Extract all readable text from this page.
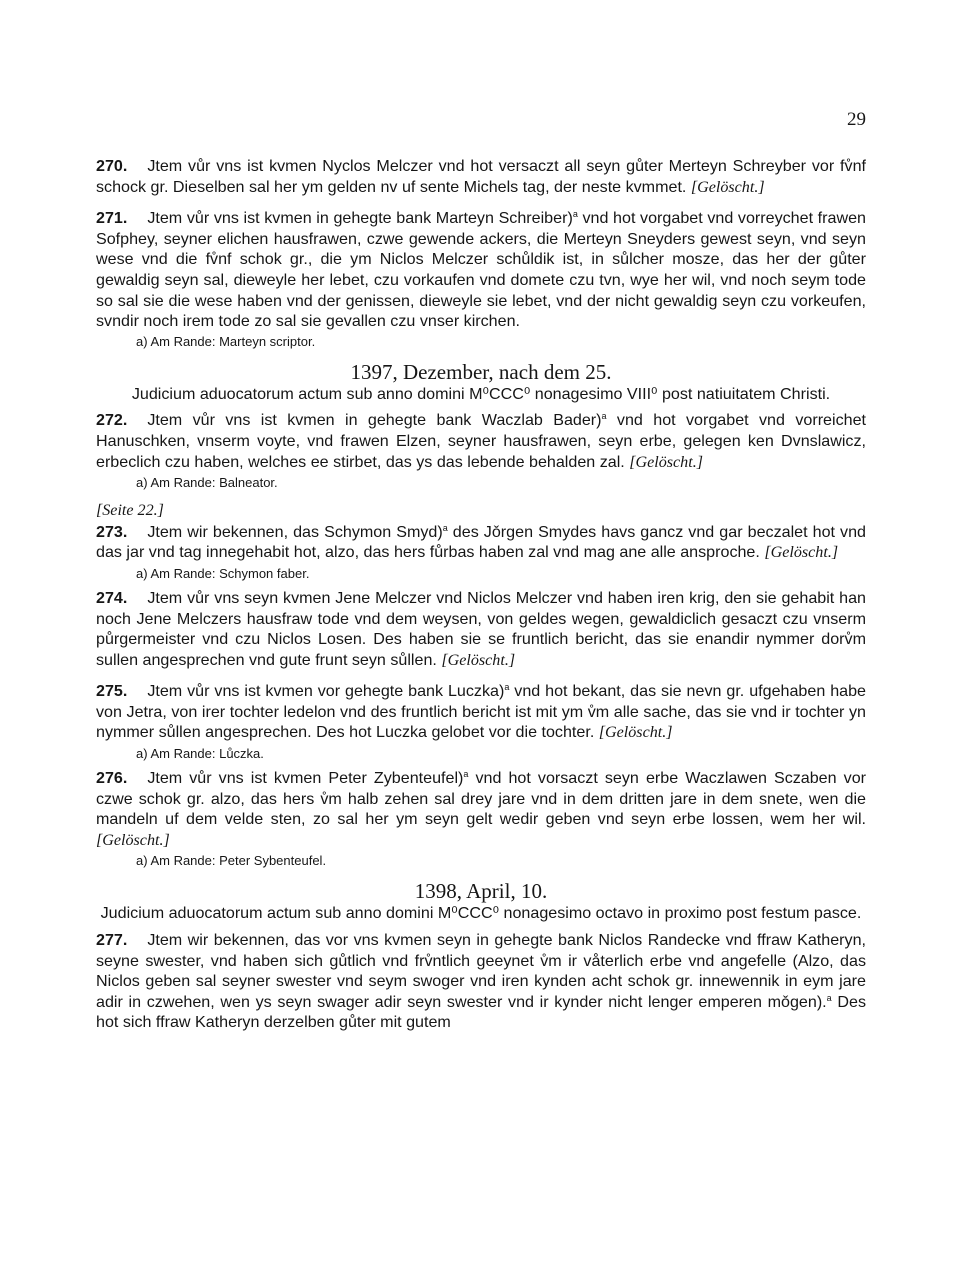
29

270. Jtem vůr vns ist kvmen Nyclos Melczer vnd hot versaczt all seyn gůter Merteyn Schreyber vor fv̊nf schock gr. Dieselben sal her ym gelden nv uf sente Michels tag, der neste kvmmet. [Gelöscht.]

271. Jtem vůr vns ist kvmen in gehegte bank Marteyn Schreiber)$^a$ vnd hot vorgabet vnd vorreychet frawen Sofphey, seyner elichen hausfrawen, czwe gewende ackers, die Merteyn Sneyders gewest seyn, vnd seyn wese vnd die fv̊nf schok gr., die ym Niclos Melczer schůldik ist, in sůlcher mosze, das her der gůter gewaldig seyn sal, dieweyle her lebet, czu vorkaufen vnd domete czu tvn, wye her wil, vnd noch seym tode so sal sie die wese haben vnd der genissen, dieweyle sie lebet, vnd der nicht gewaldig seyn czu vorkeufen, svndir noch irem tode zo sal sie gevallen czu vnser kirchen.

a) Am Rande: Marteyn scriptor.

1397, Dezember, nach dem 25.

Judicium aduocatorum actum sub anno domini M⁰CCC⁰ nonagesimo VIII⁰ post natiuitatem Christi.

272. Jtem vůr vns ist kvmen in gehegte bank Waczlab Bader)$^a$ vnd hot vorgabet vnd vorreichet Hanuschken, vnserm voyte, vnd frawen Elzen, seyner hausfrawen, seyn erbe, gelegen ken Dvnslawicz, erbeclich czu haben, welches ee stirbet, das ys das lebende behalden zal. [Gelöscht.]

a) Am Rande: Balneator.

[Seite 22.]

273. Jtem wir bekennen, das Schymon Smyd)$^a$ des Jǒrgen Smydes havs gancz vnd gar beczalet hot vnd das jar vnd tag innegehabit hot, alzo, das hers fůrbas haben zal vnd mag ane alle ansproche. [Gelöscht.]

a) Am Rande: Schymon faber.

274. Jtem vůr vns seyn kvmen Jene Melczer vnd Niclos Melczer vnd haben iren krig, den sie gehabit han noch Jene Melczers hausfraw tode vnd dem weysen, von geldes wegen, gewaldiclich gesaczt czu vnserm půrgermeister vnd czu Niclos Losen. Des haben sie se fruntlich bericht, das sie enandir nymmer dorv̊m sullen angesprechen vnd gute frunt seyn sůllen. [Gelöscht.]

275. Jtem vůr vns ist kvmen vor gehegte bank Luczka)$^a$ vnd hot bekant, das sie nevn gr. ufgehaben habe von Jetra, von irer tochter ledelon vnd des fruntlich bericht ist mit ym v̊m alle sache, das sie vnd ir tochter yn nymmer sůllen angesprechen. Des hot Luczka gelobet vor die tochter. [Gelöscht.]

a) Am Rande: Lůczka.

276. Jtem vůr vns ist kvmen Peter Zybenteufel)$^a$ vnd hot vorsaczt seyn erbe Waczlawen Sczaben vor czwe schok gr. alzo, das hers v̊m halb zehen sal drey jare vnd in dem dritten jare in dem snete, wen die mandeln uf dem velde sten, zo sal her ym seyn gelt wedir geben vnd seyn erbe lossen, wem her wil. [Gelöscht.]

a) Am Rande: Peter Sybenteufel.

1398, April, 10.

Judicium aduocatorum actum sub anno domini M⁰CCC⁰ nonagesimo octavo in proximo post festum pasce.

277. Jtem wir bekennen, das vor vns kvmen seyn in gehegte bank Niclos Randecke vnd ffraw Katheryn, seyne swester, vnd haben sich gůtlich vnd frv̊ntlich geeynet v̊m ir våterlich erbe vnd angefelle (Alzo, das Niclos geben sal seyner swester vnd seym swoger vnd iren kynden acht schok gr. innewennik in eym jare adir in czwehen, wen ys seyn swager adir seyn swester vnd ir kynder nicht lenger emperen mǒgen).$^a$ Des hot sich ffraw Katheryn derzelben gůter mit gutem
